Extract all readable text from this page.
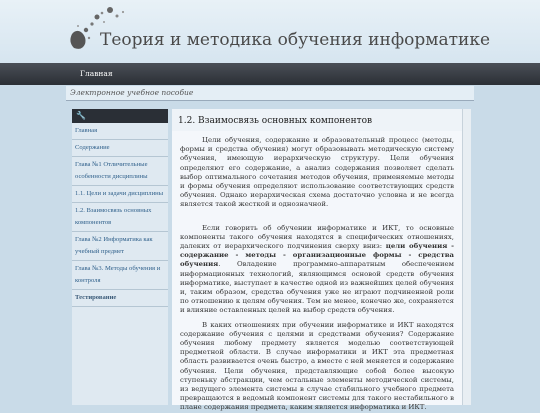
Теория и методика обучения информатике
Главная
Электронное учебное пособие
🔧
Главная
Содержание
Глава №1 Отличительные особенности дисциплины
1.1. Цели и задачи дисциплины
1.2. Взаимосвязь основных компонентов
Глава №2 Информатика как учебный предмет
Глава №3. Методы обучения и контроля
Тестирование
1.2. Взаимосвязь основных компонентов
Цели обучения, содержание и образовательный процесс (методы, формы и средства обучения) могут образовывать методическую систему обучения, имеющую иерархическую структуру. Цели обучения определяют его содержание, а анализ содержания позволяет сделать выбор оптимального сочетания методов обучения, применяемые методы и формы обучения определяют использование соответствующих средств обучения. Однако иерархическая схема достаточно условна и не всегда является такой жесткой и однозначной.
Если говорить об обучении информатике и ИКТ, то основные компоненты такого обучения находятся в специфических отношениях, далеких от иерархического подчинения сверху вниз: цели обучения - содержание - методы - организационные формы - средства обучения. Овладение программно-аппаратным обеспечением информационных технологий, являющимся основой средств обучения информатике, выступает в качестве одной из важнейших целей обучения и, таким образом, средства обучения уже не играют подчиненной роли по отношению к целям обучения. Тем не менее, конечно же, сохраняется и влияние оставленных целей на выбор средств обучения.
В каких отношениях при обучении информатике и ИКТ находятся содержание обучения с целями и средствами обучения? Содержание обучения любому предмету является моделью соответствующей предметной области. В случае информатики и ИКТ эта предметная область развивается очень быстро, а вместе с ней меняется и содержание обучения. Цели обучения, представляющие собой более высокую ступеньку абстракции, чем остальные элементы методической системы, из ведущего элемента системы в случае стабильного учебного предмета превращаются в ведомый компонент системы для такого нестабильного в плане содержания предмета, каким является информатика и ИКТ.
